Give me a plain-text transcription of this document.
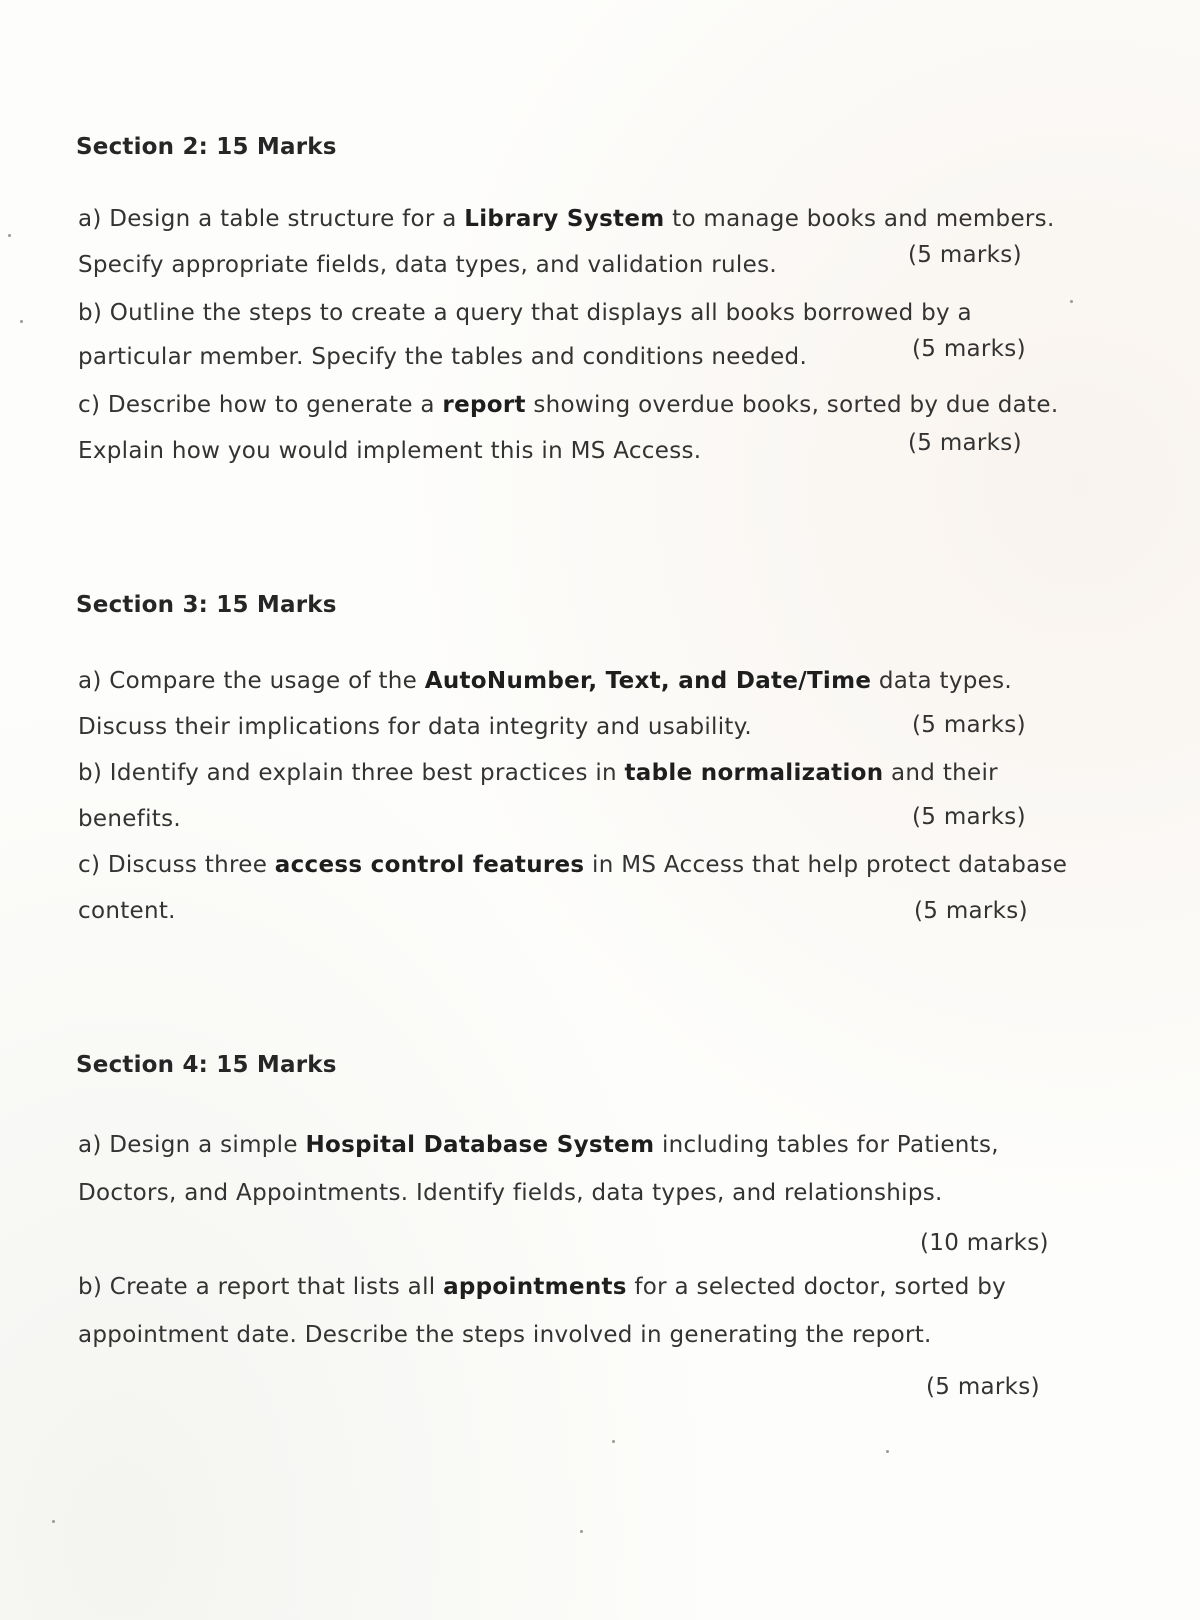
Section 2: 15 Marks
a) Design a table structure for a Library System to manage books and members.
Specify appropriate fields, data types, and validation rules.	(5 marks)
b) Outline the steps to create a query that displays all books borrowed by a
particular member. Specify the tables and conditions needed.	(5 marks)
c) Describe how to generate a report showing overdue books, sorted by due date.
Explain how you would implement this in MS Access.	(5 marks)
Section 3: 15 Marks
a) Compare the usage of the AutoNumber, Text, and Date/Time data types.
Discuss their implications for data integrity and usability.	(5 marks)
b) Identify and explain three best practices in table normalization and their
benefits.	(5 marks)
c) Discuss three access control features in MS Access that help protect database
content.	(5 marks)
Section 4: 15 Marks
a) Design a simple Hospital Database System including tables for Patients,
Doctors, and Appointments. Identify fields, data types, and relationships.
(10 marks)
b) Create a report that lists all appointments for a selected doctor, sorted by
appointment date. Describe the steps involved in generating the report.
(5 marks)
